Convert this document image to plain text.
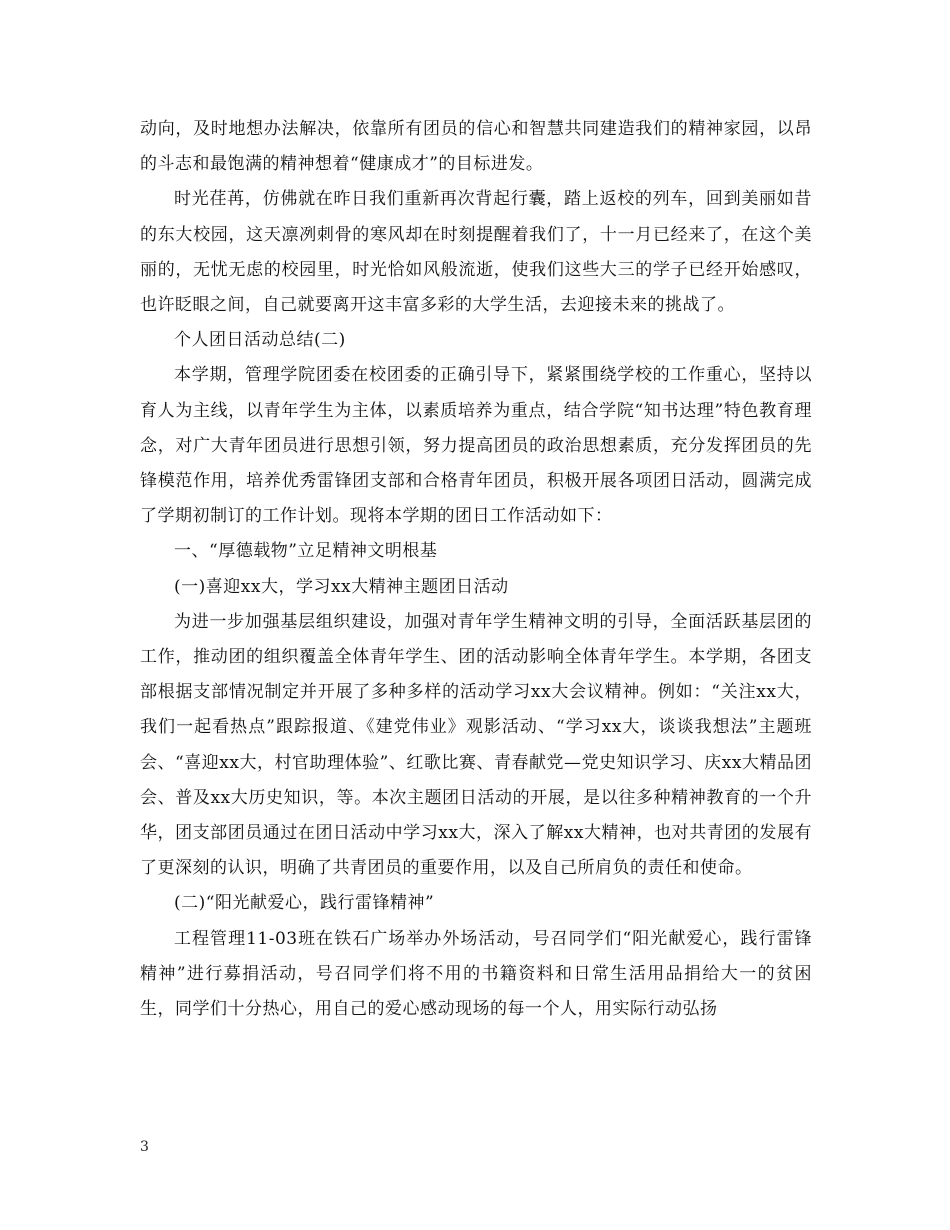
动向，及时地想办法解决，依靠所有团员的信心和智慧共同建造我们的精神家园，以昂的斗志和最饱满的精神想着“健康成才”的目标进发。

时光荏苒，仿佛就在昨日我们重新再次背起行囊，踏上返校的列车，回到美丽如昔的东大校园，这天凛冽刺骨的寒风却在时刻提醒着我们了，十一月已经来了，在这个美丽的，无忧无虑的校园里，时光恰如风般流逝，使我们这些大三的学子已经开始感叹，也许眨眼之间，自己就要离开这丰富多彩的大学生活，去迎接未来的挑战了。

个人团日活动总结(二)

本学期，管理学院团委在校团委的正确引导下，紧紧围绕学校的工作重心，坚持以育人为主线，以青年学生为主体，以素质培养为重点，结合学院“知书达理”特色教育理念，对广大青年团员进行思想引领，努力提高团员的政治思想素质，充分发挥团员的先锋模范作用，培养优秀雷锋团支部和合格青年团员，积极开展各项团日活动，圆满完成了学期初制订的工作计划。现将本学期的团日工作活动如下：

一、“厚德载物”立足精神文明根基

(一)喜迎xx大，学习xx大精神主题团日活动

为进一步加强基层组织建设，加强对青年学生精神文明的引导，全面活跃基层团的工作，推动团的组织覆盖全体青年学生、团的活动影响全体青年学生。本学期，各团支部根据支部情况制定并开展了多种多样的活动学习xx大会议精神。例如：“关注xx大，我们一起看热点”跟踪报道、《建党伟业》观影活动、“学习xx大，谈谈我想法”主题班会、“喜迎xx大，村官助理体验”、红歌比赛、青春献党—党史知识学习、庆xx大精品团会、普及xx大历史知识，等。本次主题团日活动的开展，是以往多种精神教育的一个升华，团支部团员通过在团日活动中学习xx大，深入了解xx大精神，也对共青团的发展有了更深刻的认识，明确了共青团员的重要作用，以及自己所肩负的责任和使命。

(二)“阳光献爱心，践行雷锋精神”

工程管理11-03班在铁石广场举办外场活动，号召同学们“阳光献爱心，践行雷锋精神”进行募捐活动，号召同学们将不用的书籍资料和日常生活用品捐给大一的贫困生，同学们十分热心，用自己的爱心感动现场的每一个人，用实际行动弘扬

3
